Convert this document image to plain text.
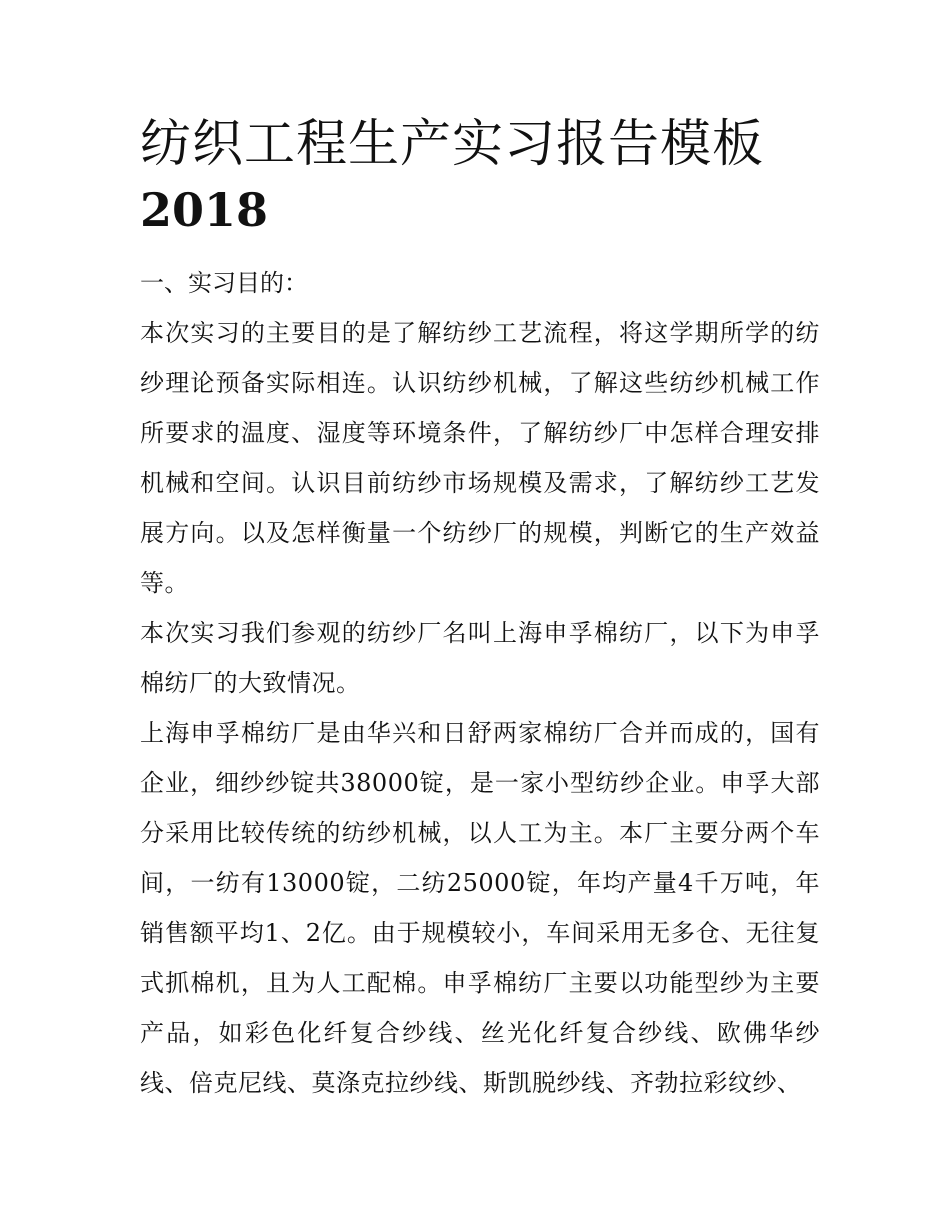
纺织工程生产实习报告模板
2018

一、实习目的：

本次实习的主要目的是了解纺纱工艺流程，将这学期所学的纺纱理论预备实际相连。认识纺纱机械，了解这些纺纱机械工作所要求的温度、湿度等环境条件，了解纺纱厂中怎样合理安排机械和空间。认识目前纺纱市场规模及需求，了解纺纱工艺发展方向。以及怎样衡量一个纺纱厂的规模，判断它的生产效益等。

本次实习我们参观的纺纱厂名叫上海申孚棉纺厂，以下为申孚棉纺厂的大致情况。

上海申孚棉纺厂是由华兴和日舒两家棉纺厂合并而成的，国有企业，细纱纱锭共38000锭，是一家小型纺纱企业。申孚大部分采用比较传统的纺纱机械，以人工为主。本厂主要分两个车间，一纺有13000锭，二纺25000锭，年均产量4千万吨，年销售额平均1、2亿。由于规模较小，车间采用无多仓、无往复式抓棉机，且为人工配棉。申孚棉纺厂主要以功能型纱为主要产品，如彩色化纤复合纱线、丝光化纤复合纱线、欧佛华纱线、倍克尼线、莫涤克拉纱线、斯凯脱纱线、齐勃拉彩纹纱、
